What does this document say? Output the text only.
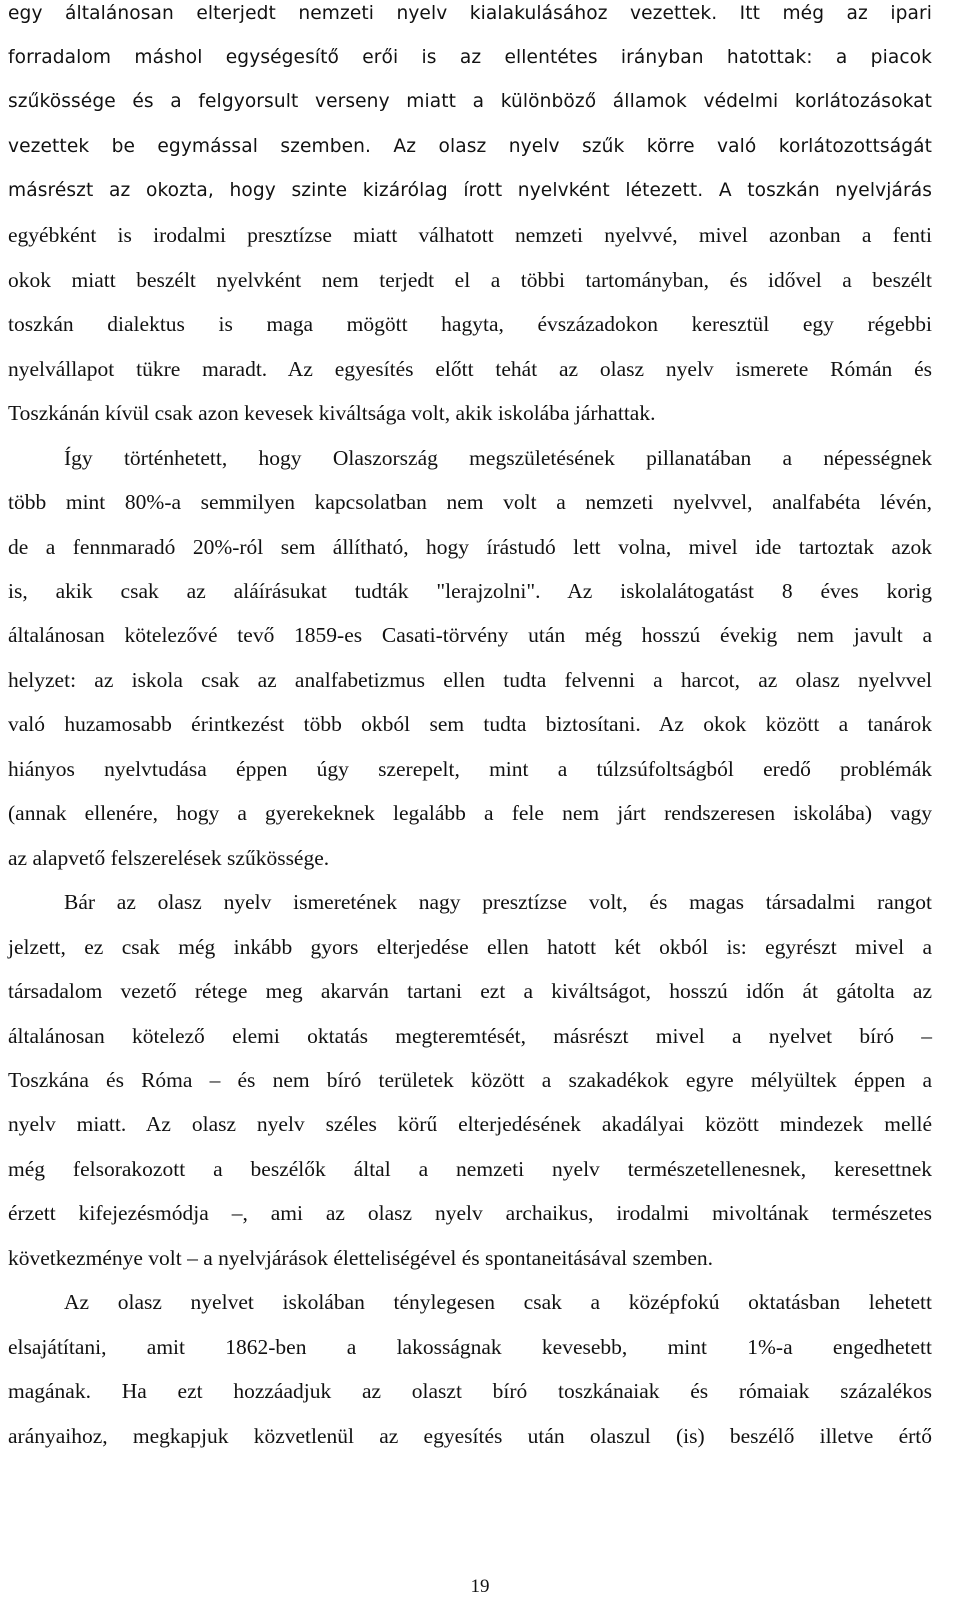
egy általánosan elterjedt nemzeti nyelv kialakulásához vezettek. Itt még az ipari
forradalom máshol egységesítő erői is az ellentétes irányban hatottak: a piacok
szűkössége és a felgyorsult verseny miatt a különböző államok védelmi korlátozásokat
vezettek be egymással szemben. Az olasz nyelv szűk körre való korlátozottságát
másrészt az okozta, hogy szinte kizárólag írott nyelvként létezett. A toszkán nyelvjárás
egyébként is irodalmi presztízse miatt válhatott nemzeti nyelvvé, mivel azonban a fenti
okok miatt beszélt nyelvként nem terjedt el a többi tartományban, és idővel a beszélt
toszkán dialektus is maga mögött hagyta, évszázadokon keresztül egy régebbi
nyelvállapot tükre maradt. Az egyesítés előtt tehát az olasz nyelv ismerete Rómán és
Toszkánán kívül csak azon kevesek kiváltsága volt, akik iskolába járhattak.
Így történhetett, hogy Olaszország megszületésének pillanatában a népességnek
több mint 80%-a semmilyen kapcsolatban nem volt a nemzeti nyelvvel, analfabéta lévén,
de a fennmaradó 20%-ról sem állítható, hogy írástudó lett volna, mivel ide tartoztak azok
is, akik csak az aláírásukat tudták "lerajzolni". Az iskolalátogatást 8 éves korig
általánosan kötelezővé tevő 1859-es Casati-törvény után még hosszú évekig nem javult a
helyzet: az iskola csak az analfabetizmus ellen tudta felvenni a harcot, az olasz nyelvvel
való huzamosabb érintkezést több okból sem tudta biztosítani. Az okok között a tanárok
hiányos nyelvtudása éppen úgy szerepelt, mint a túlzsúfoltságból eredő problémák
(annak ellenére, hogy a gyerekeknek legalább a fele nem járt rendszeresen iskolába) vagy
az alapvető felszerelések szűkössége.
Bár az olasz nyelv ismeretének nagy presztízse volt, és magas társadalmi rangot
jelzett, ez csak még inkább gyors elterjedése ellen hatott két okból is: egyrészt mivel a
társadalom vezető rétege meg akarván tartani ezt a kiváltságot, hosszú időn át gátolta az
általánosan kötelező elemi oktatás megteremtését, másrészt mivel a nyelvet bíró –
Toszkána és Róma – és nem bíró területek között a szakadékok egyre mélyültek éppen a
nyelv miatt. Az olasz nyelv széles körű elterjedésének akadályai között mindezek mellé
még felsorakozott a beszélők által a nemzeti nyelv természetellenesnek, keresettnek
érzett kifejezésmódja –, ami az olasz nyelv archaikus, irodalmi mivoltának természetes
következménye volt – a nyelvjárások életteliségével és spontaneitásával szemben.
Az olasz nyelvet iskolában ténylegesen csak a középfokú oktatásban lehetett
elsajátítani, amit 1862-ben a lakosságnak kevesebb, mint 1%-a engedhetett
magának. Ha ezt hozzáadjuk az olaszt bíró toszkánaiak és rómaiak százalékos
arányaihoz, megkapjuk közvetlenül az egyesítés után olaszul (is) beszélő illetve értő
19
